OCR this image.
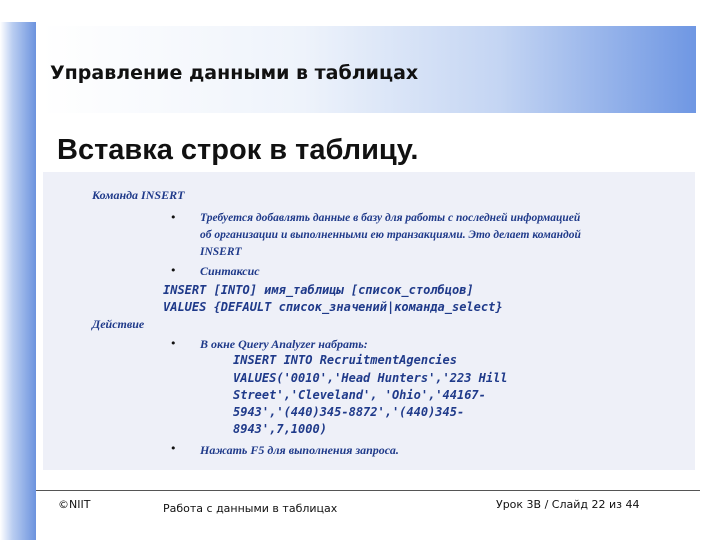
Управление данными в таблицах
Вставка строк в таблицу.

Команда INSERT

• Требуется добавлять данные в базу для работы с последней информацией

об организации и выполненными ею транзакциями. Это делает командой

INSERT

• Синтаксис

INSERT [INTO] имя_таблицы [список_столбцов]

VALUES {DEFAULT список_значений|команда_select}

Действие

• В окне Query Analyzer набрать:

INSERT INTO RecruitmentAgencies

VALUES('0010','Head Hunters','223 Hill

Street','Cleveland', 'Ohio','44167-

5943','(440)345-8872','(440)345-

8943',7,1000)

• Нажать F5 для выполнения запроса.

©NIIT	Работа с данными в таблицах	Урок 3B / Слайд 22 из 44
